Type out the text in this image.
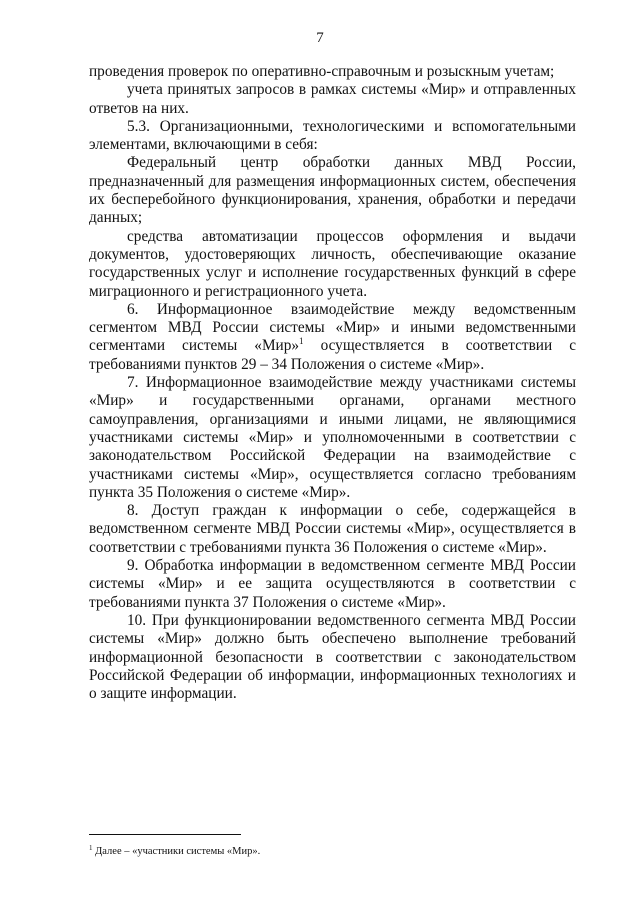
7

проведения проверок по оперативно-справочным и розыскным учетам;

учета принятых запросов в рамках системы «Мир» и отправленных ответов на них.

5.3. Организационными, технологическими и вспомогательными элементами, включающими в себя:

Федеральный центр обработки данных МВД России, предназначенный для размещения информационных систем, обеспечения их бесперебойного функционирования, хранения, обработки и передачи данных;

средства автоматизации процессов оформления и выдачи документов, удостоверяющих личность, обеспечивающие оказание государственных услуг и исполнение государственных функций в сфере миграционного и регистрационного учета.

6. Информационное взаимодействие между ведомственным сегментом МВД России системы «Мир» и иными ведомственными сегментами системы «Мир»$^1$ осуществляется в соответствии с требованиями пунктов 29 – 34 Положения о системе «Мир».

7. Информационное взаимодействие между участниками системы «Мир» и государственными органами, органами местного самоуправления, организациями и иными лицами, не являющимися участниками системы «Мир» и уполномоченными в соответствии с законодательством Российской Федерации на взаимодействие с участниками системы «Мир», осуществляется согласно требованиям пункта 35 Положения о системе «Мир».

8. Доступ граждан к информации о себе, содержащейся в ведомственном сегменте МВД России системы «Мир», осуществляется в соответствии с требованиями пункта 36 Положения о системе «Мир».

9. Обработка информации в ведомственном сегменте МВД России системы «Мир» и ее защита осуществляются в соответствии с требованиями пункта 37 Положения о системе «Мир».

10. При функционировании ведомственного сегмента МВД России системы «Мир» должно быть обеспечено выполнение требований информационной безопасности в соответствии с законодательством Российской Федерации об информации, информационных технологиях и о защите информации.

$^1$ Далее – «участники системы «Мир».
